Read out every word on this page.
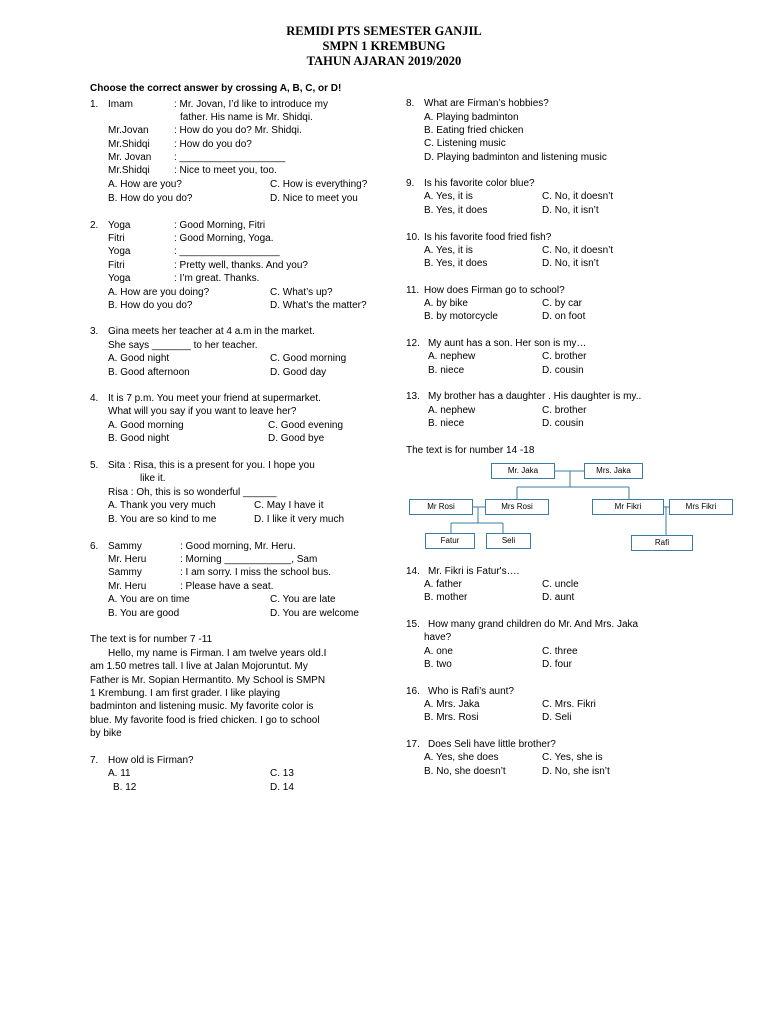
REMIDI PTS SEMESTER GANJIL
SMPN 1 KREMBUNG
TAHUN AJARAN 2019/2020
Choose the correct answer by crossing A, B, C, or D!
1. Imam	: Mr. Jovan, I’d like to introduce my
father. His name is Mr. Shidqi.
Mr.Jovan	: How do you do? Mr. Shidqi.
Mr.Shidqi : How do you do?
Mr. Jovan : ___________________
Mr.Shidqi : Nice to meet you, too.
A. How are you?	C. How is everything?
B. How do you do?	D. Nice to meet you
2. Yoga	: Good Morning, Fitri
Fitri	: Good Morning, Yoga.
Yoga	: __________________
Fitri	: Pretty well, thanks. And you?
Yoga	: I’m great. Thanks.
A. How are you doing?	C. What’s up?
B. How do you do?	D. What’s the matter?
3. Gina meets her teacher at 4 a.m in the market.
She says _______ to her teacher.
A. Good night	C. Good morning
B. Good afternoon	D. Good day
4. It is 7 p.m. You meet your friend at supermarket.
What will you say if you want to leave her?
A. Good morning	C. Good evening
B. Good night	D. Good bye
5. Sita : Risa, this is a present for you. I hope you
like it.
Risa : Oh, this is so wonderful ______
A. Thank you very much	C. May I have it
B. You are so kind to me	D. I like it very much
6. Sammy	: Good morning, Mr. Heru.
Mr. Heru	: Morning ____________, Sam
Sammy	: I am sorry. I miss the school bus.
Mr. Heru	: Please have a seat.
A. You are on time	C. You are late
B. You are good	D. You are welcome
The text is for number 7 -11
Hello, my name is Firman. I am twelve years old.I
am 1.50 metres tall. I live at Jalan Mojoruntut. My
Father is Mr. Sopian Hermantito. My School is SMPN
1 Krembung. I am first grader. I like playing
badminton and listening music. My favorite color is
blue. My favorite food is fried chicken. I go to school
by bike
7. How old is Firman?
A. 11	C. 13
B. 12	D. 14
8. What are Firman’s hobbies?
A. Playing badminton
B. Eating fried chicken
C. Listening music
D. Playing badminton and listening music
9. Is his favorite color blue?
A. Yes, it is	C. No, it doesn’t
B. Yes, it does	D. No, it isn’t
10. Is his favorite food fried fish?
A. Yes, it is	C. No, it doesn’t
B. Yes, it does	D. No, it isn’t
11. How does Firman go to school?
A. by bike	C. by car
B. by motorcycle	D. on foot
12. My aunt has a son. Her son is my…
A. nephew	C. brother
B. niece	D. cousin
13. My brother has a daughter . His daughter is my..
A. nephew	C. brother
B. niece	D. cousin
The text is for number 14 -18
Mr. Jaka	Mrs. Jaka
Mr Rosi	Mrs Rosi	Mr Fikri	Mrs Fikri
Fatur	Seli	Rafi
14. Mr. Fikri is Fatur's….
A. father	C. uncle
B. mother	D. aunt
15. How many grand children do Mr. And Mrs. Jaka
have?
A. one	C. three
B. two	D. four
16. Who is Rafi’s aunt?
A. Mrs. Jaka	C. Mrs. Fikri
B. Mrs. Rosi	D. Seli
17. Does Seli have little brother?
A. Yes, she does	C. Yes, she is
B. No, she doesn’t	D. No, she isn’t
